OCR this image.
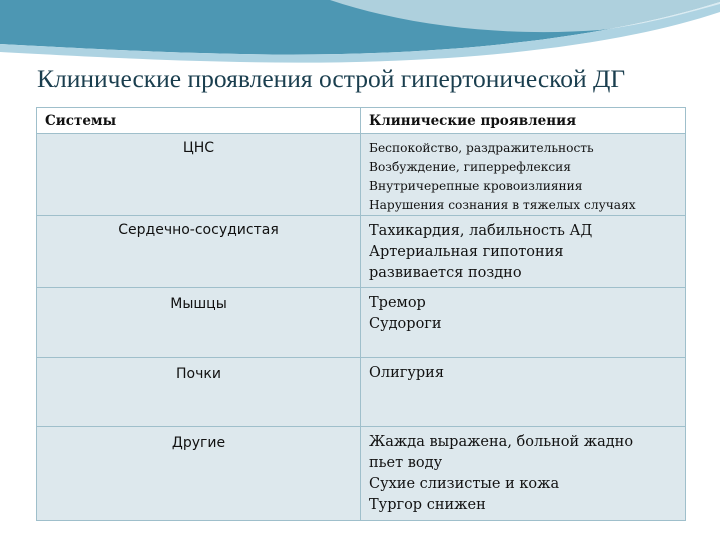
Клинические проявления острой гипертонической ДГ
Системы	Клинические проявления
ЦНС	Беспокойство, раздражительность
Возбуждение, гиперрефлексия
Внутричерепные кровоизлияния
Нарушения сознания в тяжелых случаях

Сердечно-сосудистая	Тахикардия, лабильность АД
Артериальная гипотония
развивается поздно

Мышцы	Тремор
Судороги

Почки	Олигурия

Другие	Жажда выражена, больной жадно
пьет воду
Сухие слизистые и кожа
Тургор снижен
